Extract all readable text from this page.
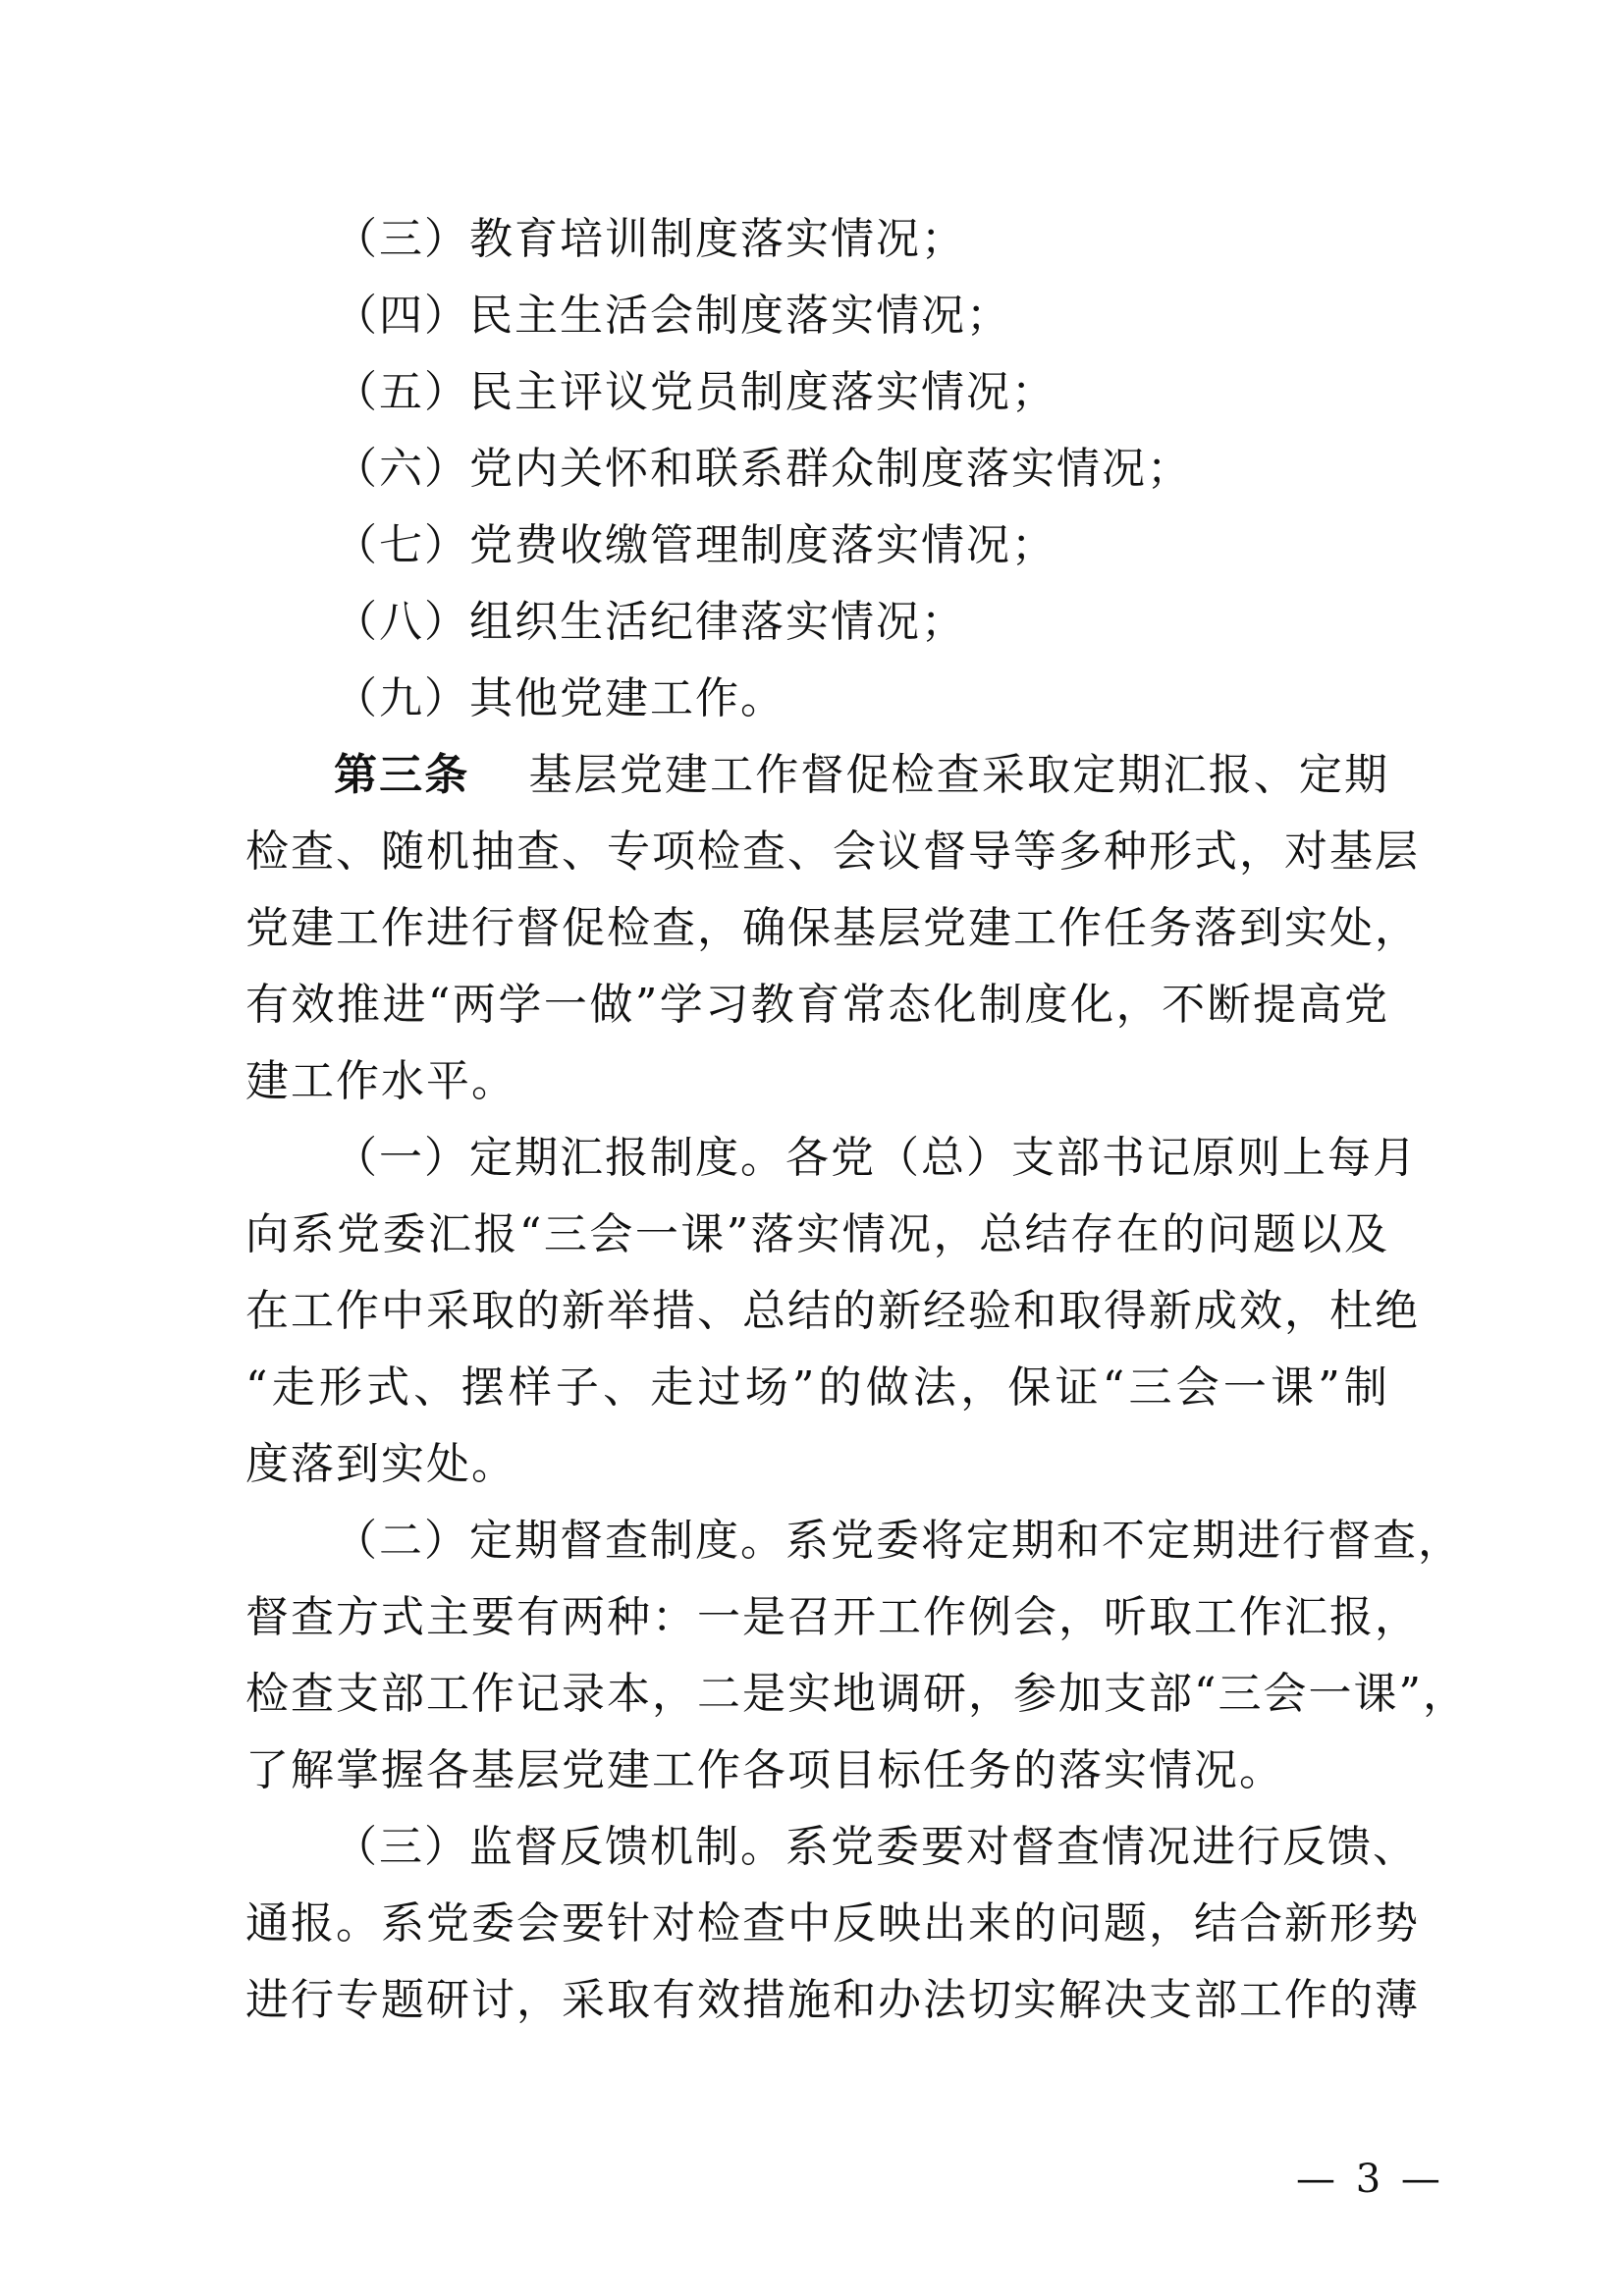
（三）教育培训制度落实情况；
（四）民主生活会制度落实情况；
（五）民主评议党员制度落实情况；
（六）党内关怀和联系群众制度落实情况；
（七）党费收缴管理制度落实情况；
（八）组织生活纪律落实情况；
（九）其他党建工作。
第三条 基层党建工作督促检查采取定期汇报、定期
检查、随机抽查、专项检查、会议督导等多种形式，对基层
党建工作进行督促检查，确保基层党建工作任务落到实处，
有效推进“两学一做”学习教育常态化制度化，不断提高党
建工作水平。
（一）定期汇报制度。各党（总）支部书记原则上每月
向系党委汇报“三会一课”落实情况，总结存在的问题以及
在工作中采取的新举措、总结的新经验和取得新成效，杜绝
“走形式、摆样子、走过场”的做法，保证“三会一课”制
度落到实处。
（二）定期督查制度。系党委将定期和不定期进行督查，
督查方式主要有两种：一是召开工作例会，听取工作汇报，
检查支部工作记录本，二是实地调研，参加支部“三会一课”，
了解掌握各基层党建工作各项目标任务的落实情况。
（三）监督反馈机制。系党委要对督查情况进行反馈、
通报。系党委会要针对检查中反映出来的问题，结合新形势
进行专题研讨，采取有效措施和办法切实解决支部工作的薄
— 3 —
